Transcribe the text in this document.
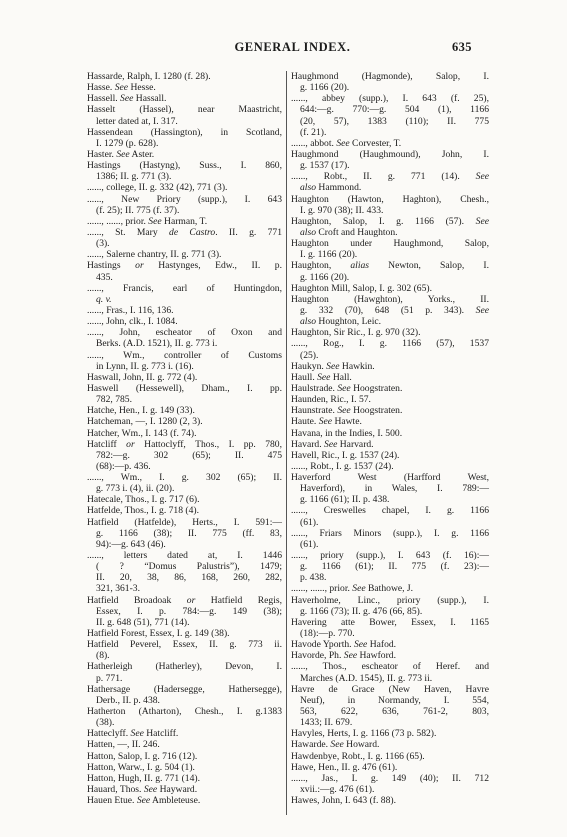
GENERAL INDEX.	635
Hassarde, Ralph, I. 1280 (f. 28).
Hasse. See Hesse.
Hassell. See Hassall.
Hasselt (Hassel), near Maastricht,
letter dated at, I. 317.
Hassendean (Hassington), in Scotland,
I. 1279 (p. 628).
Haster. See Aster.
Hastings (Hastyng), Suss., I. 860,
1386; II. g. 771 (3).
......, college, II. g. 332 (42), 771 (3).
......, New Priory (supp.), I. 643
(f. 25); II. 775 (f. 37).
......, ......, prior. See Harman, T.
......, St. Mary de Castro. II. g. 771
(3).
......, Salerne chantry, II. g. 771 (3).
Hastings or Hastynges, Edw., II. p.
435.
......, Francis, earl of Huntingdon,
q. v.
......, Fras., I. 116, 136.
......, John, clk., I. 1084.
......, John, escheator of Oxon and
Berks. (A.D. 1521), II. g. 773 i.
......, Wm., controller of Customs
in Lynn, II. g. 773 i. (16).
Haswall, John, II. g. 772 (4).
Haswell (Hessewell), Dham., I. pp.
782, 785.
Hatche, Hen., I. g. 149 (33).
Hatcheman, —, I. 1280 (2, 3).
Hatcher, Wm., I. 143 (f. 74).
Hatcliff or Hattoclyff, Thos., I. pp. 780,
782:—g. 302 (65); II. 475
(68):—p. 436.
......, Wm., I. g. 302 (65); II.
g. 773 i. (4), ii. (20).
Hatecale, Thos., I. g. 717 (6).
Hatfelde, Thos., I. g. 718 (4).
Hatfield (Hatfelde), Herts., I. 591:—
g. 1166 (38); II. 775 (ff. 83,
94):—g. 643 (46).
......, letters dated at, I. 1446
( ? “Domus Palustris”), 1479;
II. 20, 38, 86, 168, 260, 282,
321, 361-3.
Hatfield Broadoak or Hatfield Regis,
Essex, I. p. 784:—g. 149 (38);
II. g. 648 (51), 771 (14).
Hatfield Forest, Essex, I. g. 149 (38).
Hatfield Peverel, Essex, II. g. 773 ii.
(8).
Hatherleigh (Hatherley), Devon, I.
p. 771.
Hathersage (Hadersegge, Hathersegge),
Derb., II. p. 438.
Hatherton (Atharton), Chesh., I. g.1383
(38).
Hatteclyff. See Hatcliff.
Hatten, —, II. 246.
Hatton, Salop, I. g. 716 (12).
Hatton, Warw., I. g. 504 (1).
Hatton, Hugh, II. g. 771 (14).
Hauard, Thos. See Hayward.
Hauen Etue. See Ambleteuse.
Haughmond (Hagmonde), Salop, I.
g. 1166 (20).
......, abbey (supp.), I. 643 (f. 25),
644:—g. 770:—g. 504 (1), 1166
(20, 57), 1383 (110); II. 775
(f. 21).
......, abbot. See Corvester, T.
Haughmond (Haughmound), John, I.
g. 1537 (17).
......, Robt., II. g. 771 (14). See
also Hammond.
Haughton (Hawton, Haghton), Chesh.,
I. g. 970 (38); II. 433.
Haughton, Salop, I. g. 1166 (57). See
also Croft and Haughton.
Haughton under Haughmond, Salop,
I. g. 1166 (20).
Haughton, alias Newton, Salop, I.
g. 1166 (20).
Haughton Mill, Salop, I. g. 302 (65).
Haughton (Hawghton), Yorks., II.
g. 332 (70), 648 (51 p. 343). See
also Houghton, Leic.
Haughton, Sir Ric., I. g. 970 (32).
......, Rog., I. g. 1166 (57), 1537
(25).
Haukyn. See Hawkin.
Haull. See Hall.
Haulstrade. See Hoogstraten.
Haunden, Ric., I. 57.
Haunstrate. See Hoogstraten.
Haute. See Hawte.
Havana, in the Indies, I. 500.
Havard. See Harvard.
Havell, Ric., I. g. 1537 (24).
......, Robt., I. g. 1537 (24).
Haverford West (Harfford West,
Haverford), in Wales, I. 789:—
g. 1166 (61); II. p. 438.
......, Creswelles chapel, I. g. 1166
(61).
......, Friars Minors (supp.), I. g. 1166
(61).
......, priory (supp.), I. 643 (f. 16):—
g. 1166 (61); II. 775 (f. 23):—
p. 438.
......, ......, prior. See Bathowe, J.
Haverholme, Linc., priory (supp.), I.
g. 1166 (73); II. g. 476 (66, 85).
Havering atte Bower, Essex, I. 1165
(18):—p. 770.
Havode Yporth. See Hafod.
Havorde, Ph. See Hawford.
......, Thos., escheator of Heref. and
Marches (A.D. 1545), II. g. 773 ii.
Havre de Grace (New Haven, Havre
Neuf), in Normandy, I. 554,
563, 622, 636, 761-2, 803,
1433; II. 679.
Havyles, Herts, I. g. 1166 (73 p. 582).
Hawarde. See Howard.
Hawdenbye, Robt., I. g. 1166 (65).
Hawe, Hen., II. g. 476 (61).
......, Jas., I. g. 149 (40); II. 712
xvii.:—g. 476 (61).
Hawes, John, I. 643 (f. 88).
